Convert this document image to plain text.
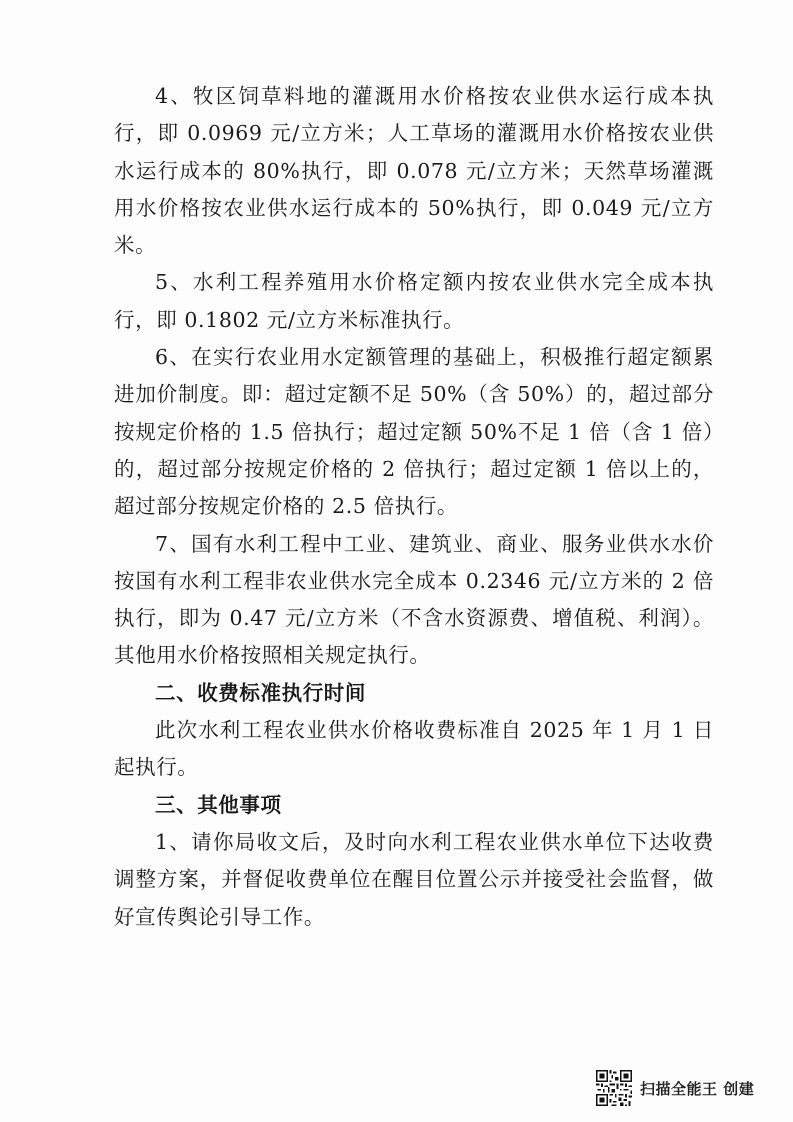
4、牧区饲草料地的灌溉用水价格按农业供水运行成本执行，即 0.0969 元/立方米；人工草场的灌溉用水价格按农业供水运行成本的 80%执行，即 0.078 元/立方米；天然草场灌溉用水价格按农业供水运行成本的 50%执行，即 0.049 元/立方米。

5、水利工程养殖用水价格定额内按农业供水完全成本执行，即 0.1802 元/立方米标准执行。

6、在实行农业用水定额管理的基础上，积极推行超定额累进加价制度。即：超过定额不足 50%（含 50%）的，超过部分按规定价格的 1.5 倍执行；超过定额 50%不足 1 倍（含 1 倍）的，超过部分按规定价格的 2 倍执行；超过定额 1 倍以上的，超过部分按规定价格的 2.5 倍执行。

7、国有水利工程中工业、建筑业、商业、服务业供水水价按国有水利工程非农业供水完全成本 0.2346 元/立方米的 2 倍执行，即为 0.47 元/立方米（不含水资源费、增值税、利润）。其他用水价格按照相关规定执行。

二、收费标准执行时间

此次水利工程农业供水价格收费标准自 2025 年 1 月 1 日起执行。

三、其他事项

1、请你局收文后，及时向水利工程农业供水单位下达收费调整方案，并督促收费单位在醒目位置公示并接受社会监督，做好宣传舆论引导工作。

扫描全能王 创建
